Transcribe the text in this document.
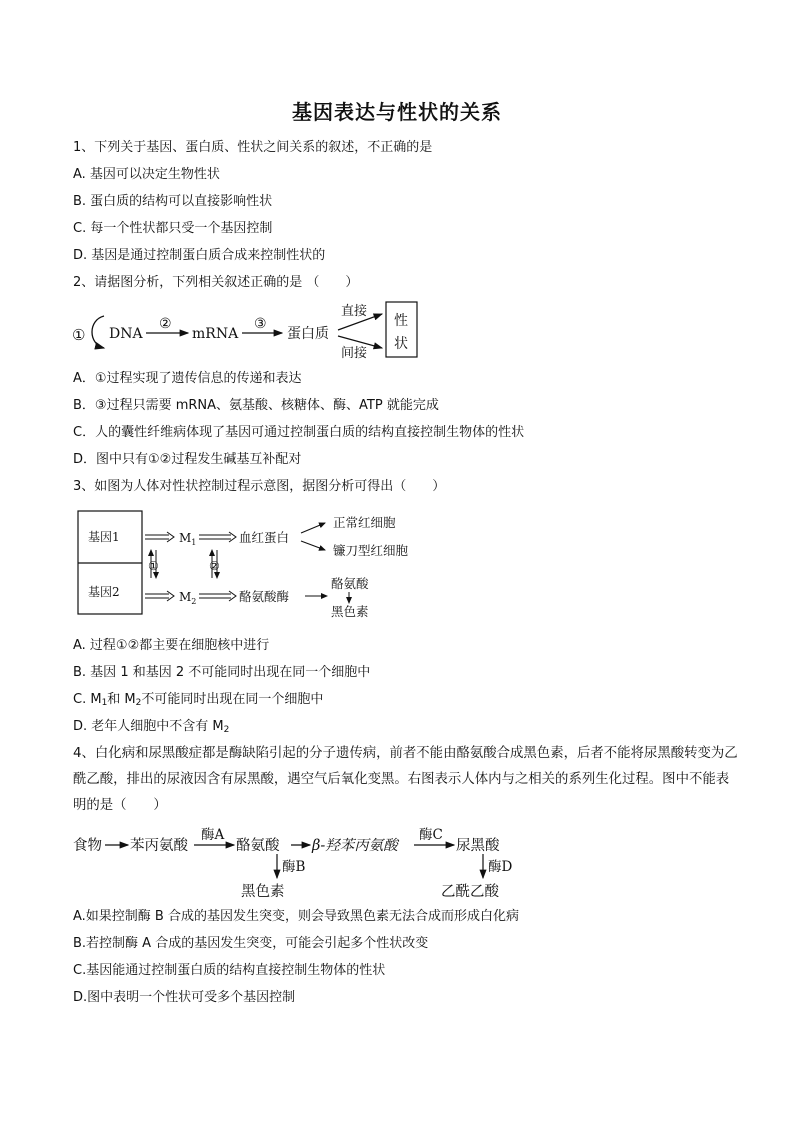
基因表达与性状的关系
1、下列关于基因、蛋白质、性状之间关系的叙述，不正确的是
A. 基因可以决定生物性状
B. 蛋白质的结构可以直接影响性状
C. 每一个性状都只受一个基因控制
D. 基因是通过控制蛋白质合成来控制性状的
2、请据图分析，下列相关叙述正确的是 （　　）
① DNA
②
mRNA
③
蛋白质
直接
间接
性
状
A．①过程实现了遗传信息的传递和表达
B．③过程只需要 mRNA、氨基酸、核糖体、酶、ATP 就能完成
C．人的囊性纤维病体现了基因可通过控制蛋白质的结构直接控制生物体的性状
D．图中只有①②过程发生碱基互补配对
3、如图为人体对性状控制过程示意图，据图分析可得出（　　）
基因1
基因2
$M_1$	血红蛋白
正常红细胞
镰刀型红细胞
①	②
$M_2$	酪氨酸酶
酪氨酸
黑色素
A. 过程①②都主要在细胞核中进行
B. 基因 1 和基因 2 不可能同时出现在同一个细胞中
C. $M_1$和 $M_2$不可能同时出现在同一个细胞中
D. 老年人细胞中不含有 $M_2$
4、白化病和尿黑酸症都是酶缺陷引起的分子遗传病，前者不能由酪氨酸合成黑色素，后者不能将尿黑酸转变为乙酰乙酸，排出的尿液因含有尿黑酸，遇空气后氧化变黑。右图表示人体内与之相关的系列生化过程。图中不能表明的是（　　）
食物 苯丙氨酸
酶A
酪氨酸 β-羟苯丙氨酸
酶C
尿黑酸
酶B
黑色素
酶D
乙酰乙酸
A.如果控制酶 B 合成的基因发生突变，则会导致黑色素无法合成而形成白化病
B.若控制酶 A 合成的基因发生突变，可能会引起多个性状改变
C.基因能通过控制蛋白质的结构直接控制生物体的性状
D.图中表明一个性状可受多个基因控制
